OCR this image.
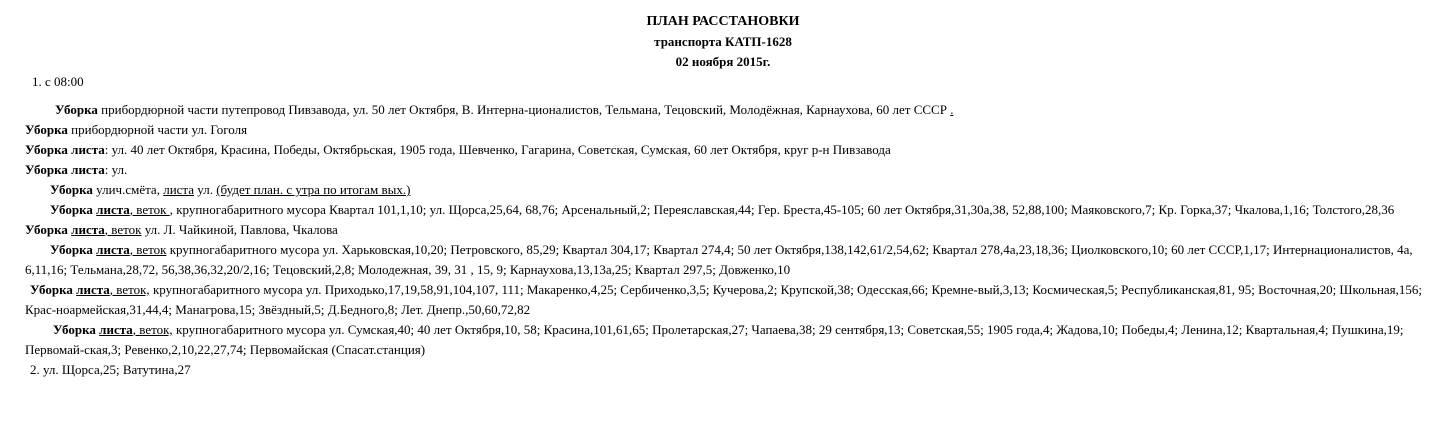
ПЛАН РАССТАНОВКИ
транспорта КАТП-1628
02 ноября 2015г.
1. с 08:00
Уборка прибордюрной части путепровод Пивзавода, ул. 50 лет Октября, В. Интерна-ционалистов, Тельмана, Тецовский, Молодёжная, Карнаухова, 60 лет СССР .
Уборка прибордюрной части ул. Гоголя
Уборка листа: ул. 40 лет Октября, Красина, Победы, Октябрьская, 1905 года, Шевченко, Гагарина, Советская, Сумская, 60 лет Октября, круг р-н Пивзавода
Уборка листа: ул.
Уборка улич.смёта, листа ул. (будет план. с утра по итогам вых.)
Уборка листа, веток , крупногабаритного мусора Квартал 101,1,10; ул. Щорса,25,64, 68,76; Арсенальный,2; Переяславская,44; Гер. Бреста,45-105; 60 лет Октября,31,30а,38, 52,88,100; Маяковского,7; Кр. Горка,37; Чкалова,1,16; Толстого,28,36
Уборка листа, веток ул. Л. Чайкиной, Павлова, Чкалова
Уборка листа, веток крупногабаритного мусора ул. Харьковская,10,20; Петровского, 85,29; Квартал 304,17; Квартал 274,4; 50 лет Октября,138,142,61/2,54,62; Квартал 278,4а,23,18,36; Циолковского,10; 60 лет СССР,1,17; Интернационалистов, 4а, 6,11,16; Тельмана,28,72, 56,38,36,32,20/2,16; Тецовский,2,8; Молодежная, 39, 31 , 15, 9; Карнаухова,13,13а,25; Квартал 297,5; Довженко,10
Уборка листа, веток, крупногабаритного мусора ул. Приходько,17,19,58,91,104,107, 111; Макаренко,4,25; Сербиченко,3,5; Кучерова,2; Крупской,38; Одесская,66; Кремне-вый,3,13; Космическая,5; Республиканская,81, 95; Восточная,20; Школьная,156; Крас-ноармейская,31,44,4; Манагрова,15; Звёздный,5; Д.Бедного,8; Лет. Днепр.,50,60,72,82
Уборка листа, веток, крупногабаритного мусора ул. Сумская,40; 40 лет Октября,10, 58; Красина,101,61,65; Пролетарская,27; Чапаева,38; 29 сентября,13; Советская,55; 1905 года,4; Жадова,10; Победы,4; Ленина,12; Квартальная,4; Пушкина,19; Первомай-ская,3; Ревенко,2,10,22,27,74; Первомайская (Спасат.станция)
2. ул. Щорса,25; Ватутина,27
